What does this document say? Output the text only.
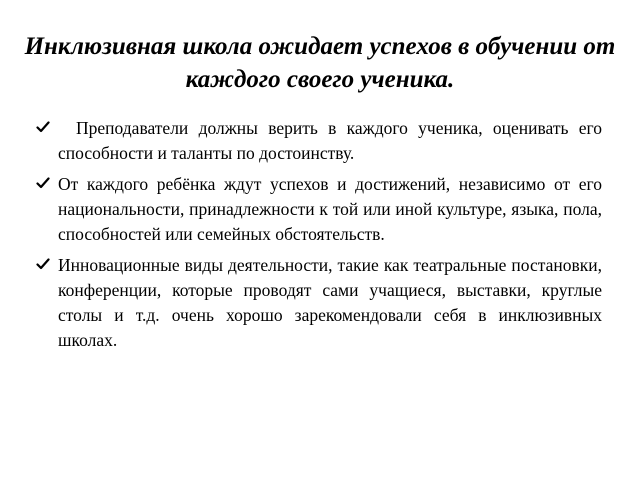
Инклюзивная школа ожидает успехов в обучении от каждого своего ученика.
Преподаватели должны верить в каждого ученика, оценивать его способности и таланты по достоинству.
От каждого ребёнка ждут успехов и достижений, независимо от его национальности, принадлежности к той или иной культуре, языка, пола, способностей или семейных обстоятельств.
Инновационные виды деятельности, такие как театральные постановки, конференции, которые проводят сами учащиеся, выставки, круглые столы и т.д. очень хорошо зарекомендовали себя в инклюзивных школах.
